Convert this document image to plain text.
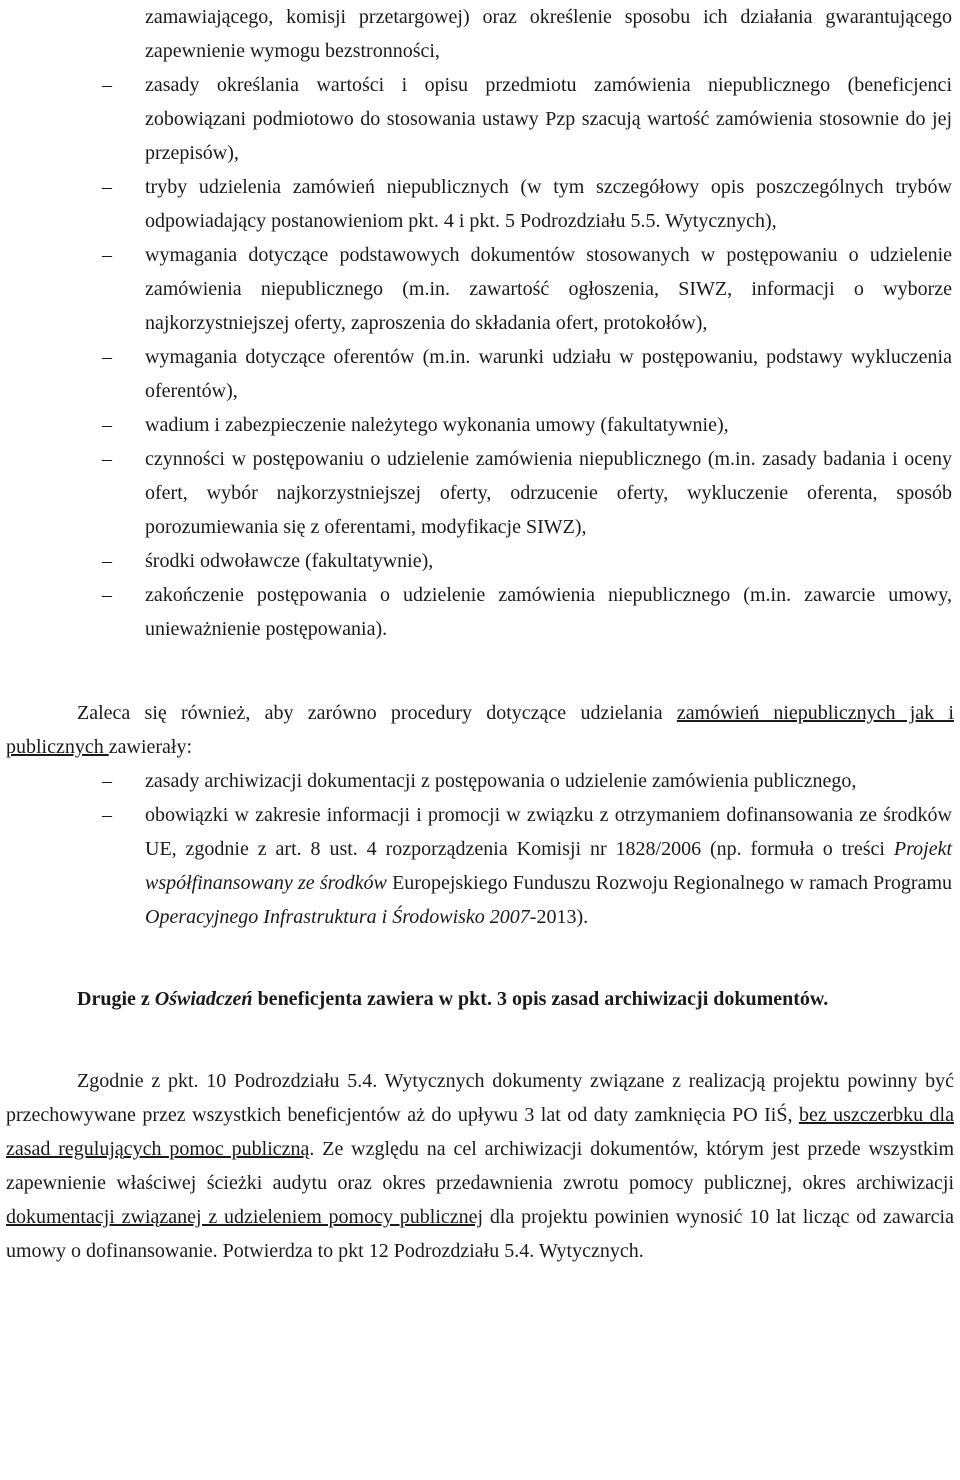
zamawiającego, komisji przetargowej) oraz określenie sposobu ich działania gwarantującego zapewnienie wymogu bezstronności,
– zasady określania wartości i opisu przedmiotu zamówienia niepublicznego (beneficjenci zobowiązani podmiotowo do stosowania ustawy Pzp szacują wartość zamówienia stosownie do jej przepisów),
– tryby udzielenia zamówień niepublicznych (w tym szczegółowy opis poszczególnych trybów odpowiadający postanowieniom pkt. 4 i pkt. 5 Podrozdziału 5.5. Wytycznych),
– wymagania dotyczące podstawowych dokumentów stosowanych w postępowaniu o udzielenie zamówienia niepublicznego (m.in. zawartość ogłoszenia, SIWZ, informacji o wyborze najkorzystniejszej oferty, zaproszenia do składania ofert, protokołów),
– wymagania dotyczące oferentów (m.in. warunki udziału w postępowaniu, podstawy wykluczenia oferentów),
– wadium i zabezpieczenie należytego wykonania umowy (fakultatywnie),
– czynności w postępowaniu o udzielenie zamówienia niepublicznego (m.in. zasady badania i oceny ofert, wybór najkorzystniejszej oferty, odrzucenie oferty, wykluczenie oferenta, sposób porozumiewania się z oferentami, modyfikacje SIWZ),
– środki odwoławcze (fakultatywnie),
– zakończenie postępowania o udzielenie zamówienia niepublicznego (m.in. zawarcie umowy, unieważnienie postępowania).

Zaleca się również, aby zarówno procedury dotyczące udzielania zamówień niepublicznych jak i publicznych zawierały:

– zasady archiwizacji dokumentacji z postępowania o udzielenie zamówienia publicznego,
– obowiązki w zakresie informacji i promocji w związku z otrzymaniem dofinansowania ze środków UE, zgodnie z art. 8 ust. 4 rozporządzenia Komisji nr 1828/2006 (np. formuła o treści Projekt współfinansowany ze środków Europejskiego Funduszu Rozwoju Regionalnego w ramach Programu Operacyjnego Infrastruktura i Środowisko 2007-2013).

Drugie z Oświadczeń beneficjenta zawiera w pkt. 3 opis zasad archiwizacji dokumentów.

Zgodnie z pkt. 10 Podrozdziału 5.4. Wytycznych dokumenty związane z realizacją projektu powinny być przechowywane przez wszystkich beneficjentów aż do upływu 3 lat od daty zamknięcia PO IiŚ, bez uszczerbku dla zasad regulujących pomoc publiczną. Ze względu na cel archiwizacji dokumentów, którym jest przede wszystkim zapewnienie właściwej ścieżki audytu oraz okres przedawnienia zwrotu pomocy publicznej, okres archiwizacji dokumentacji związanej z udzieleniem pomocy publicznej dla projektu powinien wynosić 10 lat licząc od zawarcia umowy o dofinansowanie. Potwierdza to pkt 12 Podrozdziału 5.4. Wytycznych.
